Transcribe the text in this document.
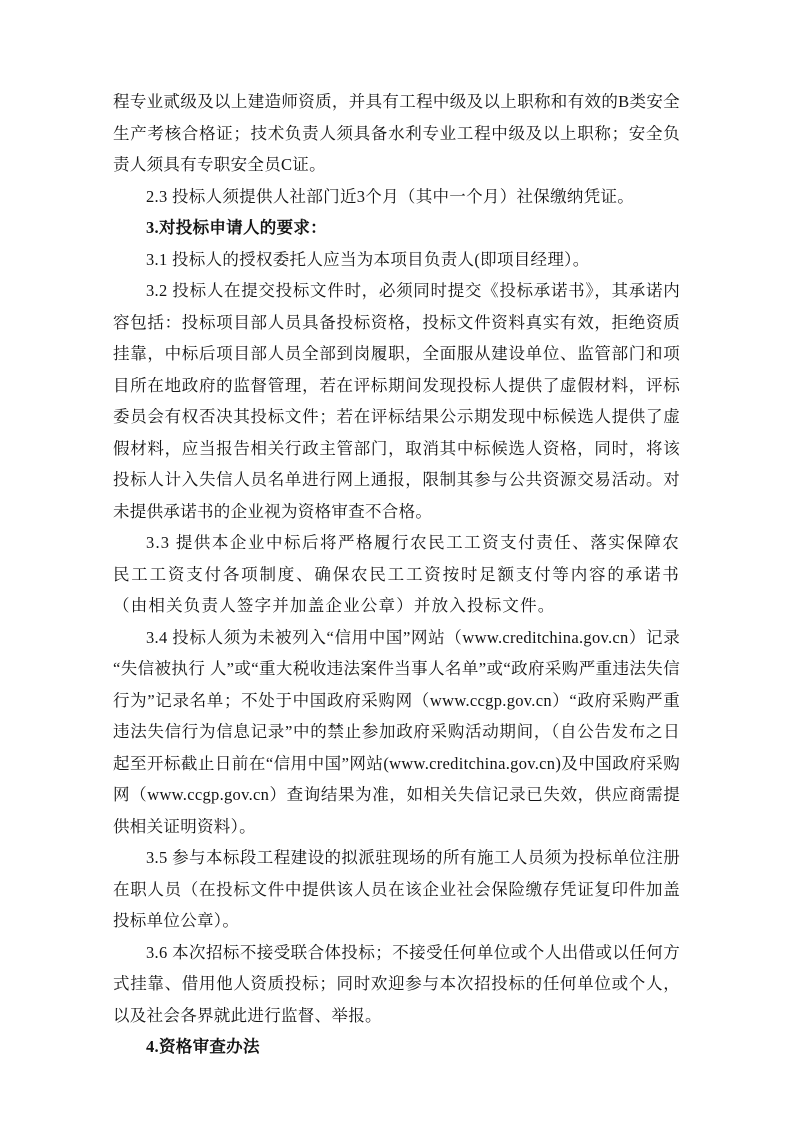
程专业贰级及以上建造师资质，并具有工程中级及以上职称和有效的B类安全生产考核合格证；技术负责人须具备水利专业工程中级及以上职称；安全负责人须具有专职安全员C证。

2.3 投标人须提供人社部门近3个月（其中一个月）社保缴纳凭证。

3.对投标申请人的要求：

3.1 投标人的授权委托人应当为本项目负责人(即项目经理）。

3.2 投标人在提交投标文件时，必须同时提交《投标承诺书》，其承诺内容包括：投标项目部人员具备投标资格，投标文件资料真实有效，拒绝资质挂靠，中标后项目部人员全部到岗履职，全面服从建设单位、监管部门和项目所在地政府的监督管理，若在评标期间发现投标人提供了虚假材料，评标委员会有权否决其投标文件；若在评标结果公示期发现中标候选人提供了虚假材料，应当报告相关行政主管部门，取消其中标候选人资格，同时，将该投标人计入失信人员名单进行网上通报，限制其参与公共资源交易活动。对未提供承诺书的企业视为资格审查不合格。

3.3 提供本企业中标后将严格履行农民工工资支付责任、落实保障农民工工资支付各项制度、确保农民工工资按时足额支付等内容的承诺书（由相关负责人签字并加盖企业公章）并放入投标文件。

3.4 投标人须为未被列入“信用中国”网站（www.creditchina.gov.cn）记录“失信被执行 人”或“重大税收违法案件当事人名单”或“政府采购严重违法失信行为”记录名单；不处于中国政府采购网（www.ccgp.gov.cn）“政府采购严重违法失信行为信息记录”中的禁止参加政府采购活动期间，（自公告发布之日起至开标截止日前在“信用中国”网站(www.creditchina.gov.cn)及中国政府采购网（www.ccgp.gov.cn）查询结果为准，如相关失信记录已失效，供应商需提供相关证明资料）。

3.5 参与本标段工程建设的拟派驻现场的所有施工人员须为投标单位注册在职人员（在投标文件中提供该人员在该企业社会保险缴存凭证复印件加盖投标单位公章）。

3.6 本次招标不接受联合体投标；不接受任何单位或个人出借或以任何方式挂靠、借用他人资质投标；同时欢迎参与本次招投标的任何单位或个人，以及社会各界就此进行监督、举报。

4.资格审查办法
